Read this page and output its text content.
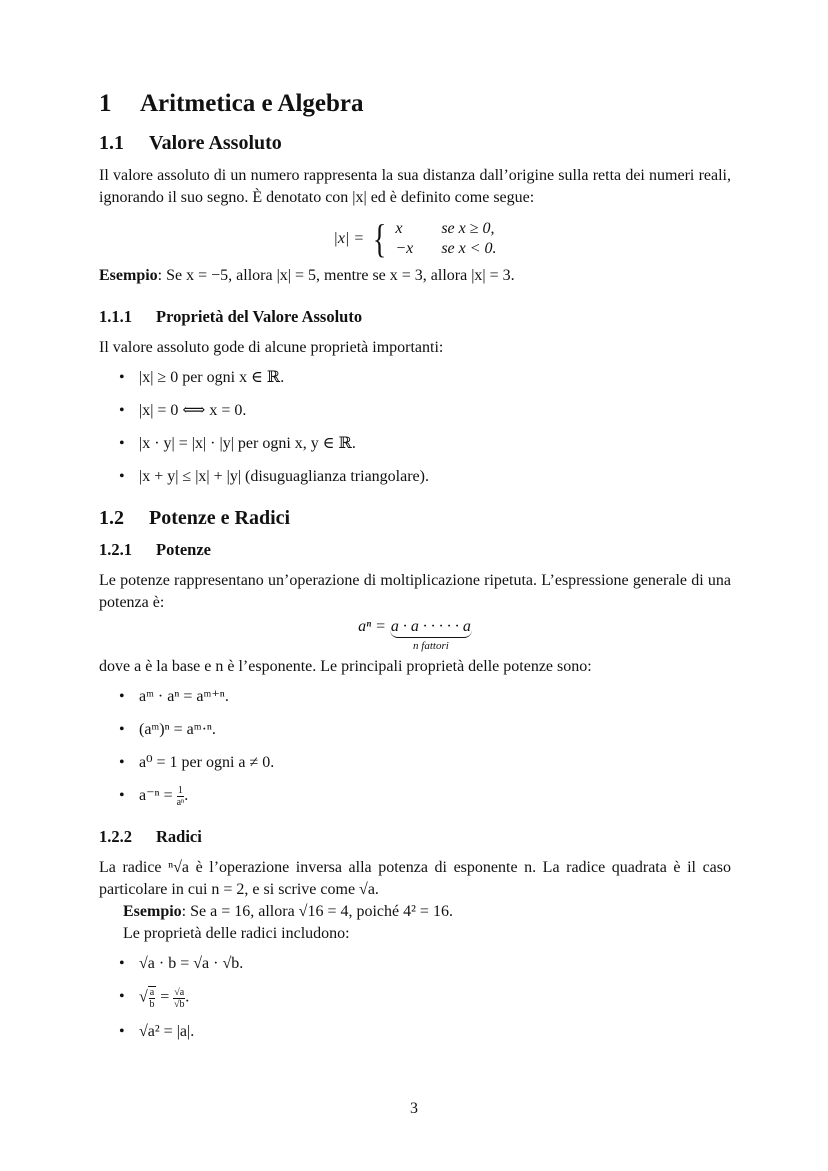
1 Aritmetica e Algebra
1.1 Valore Assoluto

Il valore assoluto di un numero rappresenta la sua distanza dall’origine sulla retta dei numeri reali, ignorando il suo segno. È denotato con |x| ed è definito come segue:

|x| = { x	se x ≥ 0,
−x	se x < 0.

Esempio: Se x = −5, allora |x| = 5, mentre se x = 3, allora |x| = 3.

1.1.1 Proprietà del Valore Assoluto

Il valore assoluto gode di alcune proprietà importanti:

• |x| ≥ 0 per ogni x ∈ ℝ.
• |x| = 0 ⟺ x = 0.
• |x · y| = |x| · |y| per ogni x, y ∈ ℝ.
• |x + y| ≤ |x| + |y| (disuguaglianza triangolare).
1.2 Potenze e Radici
1.2.1 Potenze

Le potenze rappresentano un’operazione di moltiplicazione ripetuta. L’espressione generale di una potenza è:

aⁿ = a · a · · · · · a
n fattori

dove a è la base e n è l’esponente. Le principali proprietà delle potenze sono:

• aᵐ · aⁿ = aᵐ⁺ⁿ.
• (aᵐ)ⁿ = aᵐ·ⁿ.
• a⁰ = 1 per ogni a ≠ 0.
• $a^{-n} = \frac{1}{\text{aⁿ}}$ .
1.2.2 Radici

La radice ⁿ√a è l’operazione inversa alla potenza di esponente n. La radice quadrata è il caso particolare in cui n = 2, e si scrive come √a.

Esempio: Se a = 16, allora √16 = 4, poiché 4² = 16.

Le proprietà delle radici includono:

• √a · b = √a · √b.
• √ $\frac{a}{b} = \frac{√a}{√b}$ .
• √a² = |a|.
3
